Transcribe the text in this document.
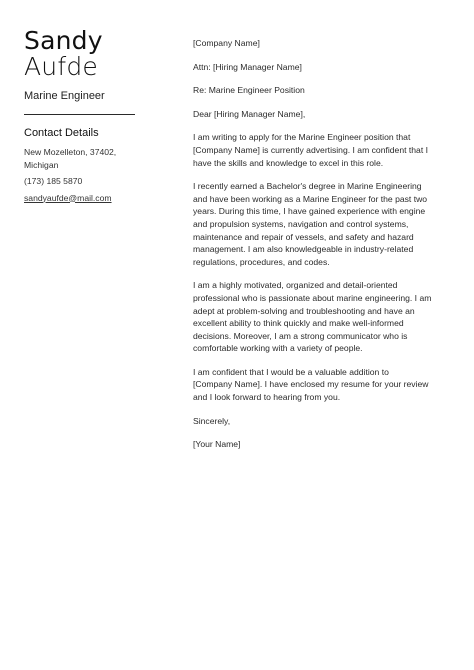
Sandy
Aufde
Marine Engineer
Contact Details
New Mozelleton, 37402,
Michigan
(173) 185 5870
sandyaufde@mail.com

[Company Name]

Attn: [Hiring Manager Name]

Re: Marine Engineer Position

Dear [Hiring Manager Name],

I am writing to apply for the Marine Engineer position that
[Company Name] is currently advertising. I am confident that I
have the skills and knowledge to excel in this role.

I recently earned a Bachelor's degree in Marine Engineering
and have been working as a Marine Engineer for the past two
years. During this time, I have gained experience with engine
and propulsion systems, navigation and control systems,
maintenance and repair of vessels, and safety and hazard
management. I am also knowledgeable in industry-related
regulations, procedures, and codes.

I am a highly motivated, organized and detail-oriented
professional who is passionate about marine engineering. I am
adept at problem-solving and troubleshooting and have an
excellent ability to think quickly and make well-informed
decisions. Moreover, I am a strong communicator who is
comfortable working with a variety of people.

I am confident that I would be a valuable addition to
[Company Name]. I have enclosed my resume for your review
and I look forward to hearing from you.

Sincerely,

[Your Name]
